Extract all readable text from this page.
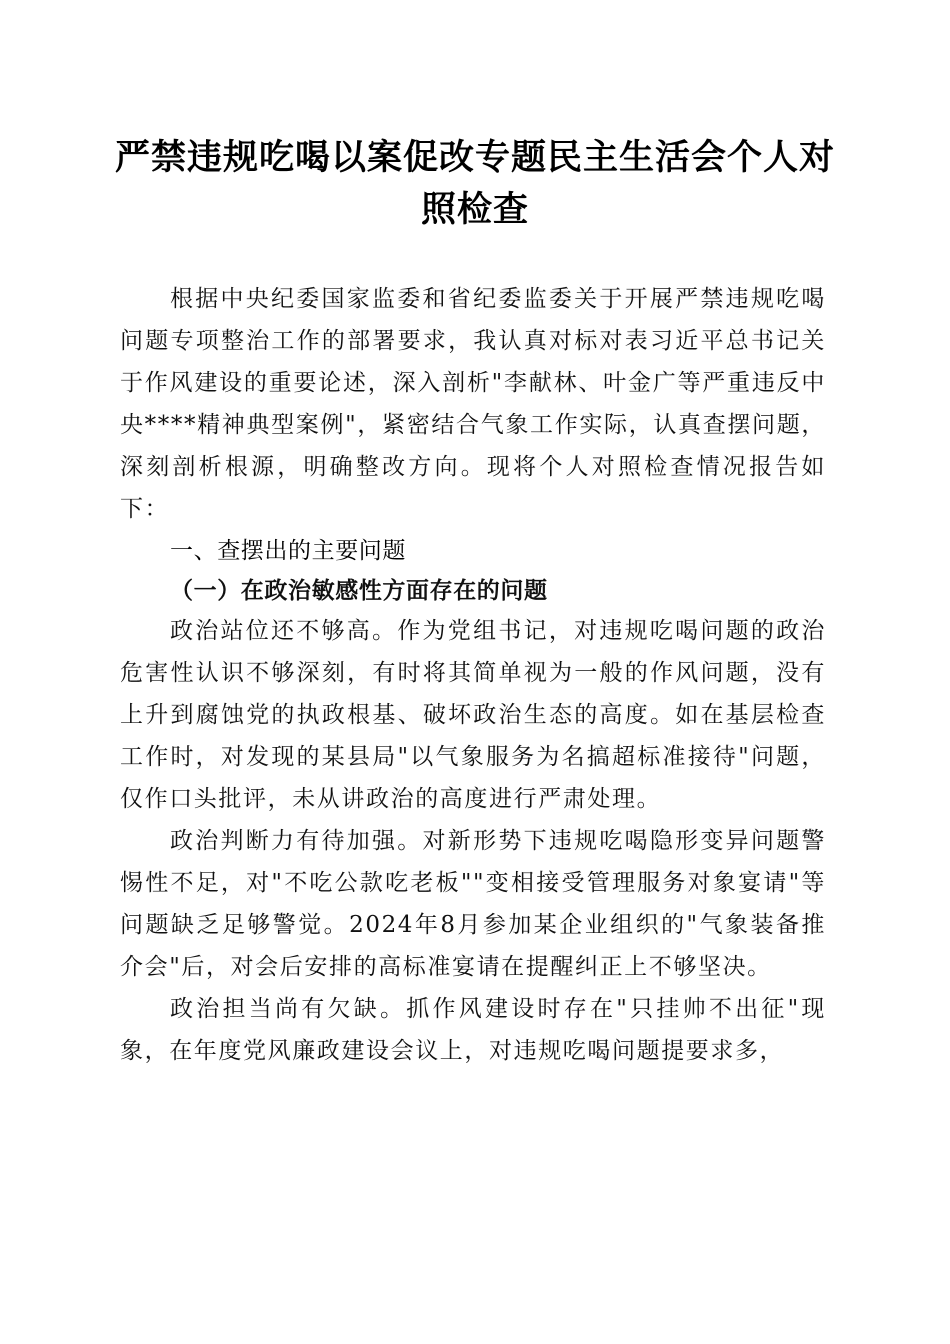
严禁违规吃喝以案促改专题民主生活会个人对照检查

根据中央纪委国家监委和省纪委监委关于开展严禁违规吃喝问题专项整治工作的部署要求，我认真对标对表习近平总书记关于作风建设的重要论述，深入剖析"李献林、叶金广等严重违反中央****精神典型案例"，紧密结合气象工作实际，认真查摆问题，深刻剖析根源，明确整改方向。现将个人对照检查情况报告如下：

一、查摆出的主要问题

（一）在政治敏感性方面存在的问题

政治站位还不够高。作为党组书记，对违规吃喝问题的政治危害性认识不够深刻，有时将其简单视为一般的作风问题，没有上升到腐蚀党的执政根基、破坏政治生态的高度。如在基层检查工作时，对发现的某县局"以气象服务为名搞超标准接待"问题，仅作口头批评，未从讲政治的高度进行严肃处理。

政治判断力有待加强。对新形势下违规吃喝隐形变异问题警惕性不足，对"不吃公款吃老板""变相接受管理服务对象宴请"等问题缺乏足够警觉。2024年8月参加某企业组织的"气象装备推介会"后，对会后安排的高标准宴请在提醒纠正上不够坚决。

政治担当尚有欠缺。抓作风建设时存在"只挂帅不出征"现象，在年度党风廉政建设会议上，对违规吃喝问题提要求多，
